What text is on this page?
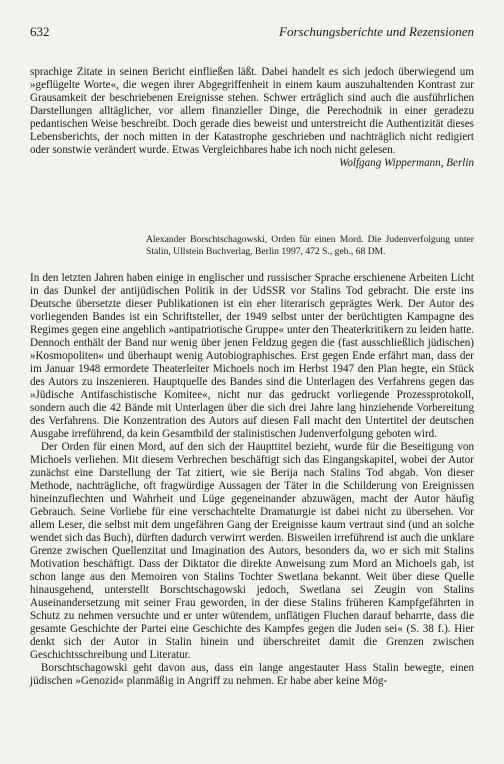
632	Forschungsberichte und Rezensionen

sprachige Zitate in seinen Bericht einfließen läßt. Dabei handelt es sich jedoch überwiegend um »geflügelte Worte«, die wegen ihrer Abgegriffenheit in einem kaum auszuhaltenden Kontrast zur Grausamkeit der beschriebenen Ereignisse stehen. Schwer erträglich sind auch die ausführlichen Darstellungen alltäglicher, vor allem finanzieller Dinge, die Perechodnik in einer geradezu pedantischen Weise beschreibt. Doch gerade dies beweist und unterstreicht die Authentizität dieses Lebensberichts, der noch mitten in der Katastrophe geschrieben und nachträglich nicht redigiert oder sonstwie verändert wurde. Etwas Vergleichbares habe ich noch nicht gelesen.

Wolfgang Wippermann, Berlin

Alexander Borschtschagowski, Orden für einen Mord. Die Judenverfolgung unter Stalin, Ullstein Buchverlag, Berlin 1997, 472 S., geb., 68 DM.

In den letzten Jahren haben einige in englischer und russischer Sprache erschienene Arbeiten Licht in das Dunkel der antijüdischen Politik in der UdSSR vor Stalins Tod gebracht. Die erste ins Deutsche übersetzte dieser Publikationen ist ein eher literarisch geprägtes Werk. Der Autor des vorliegenden Bandes ist ein Schriftsteller, der 1949 selbst unter der berüchtigten Kampagne des Regimes gegen eine angeblich »antipatriotische Gruppe« unter den Theaterkritikern zu leiden hatte. Dennoch enthält der Band nur wenig über jenen Feldzug gegen die (fast ausschließlich jüdischen) »Kosmopoliten« und überhaupt wenig Autobiographisches. Erst gegen Ende erfährt man, dass der im Januar 1948 ermordete Theaterleiter Michoels noch im Herbst 1947 den Plan hegte, ein Stück des Autors zu inszenieren. Hauptquelle des Bandes sind die Unterlagen des Verfahrens gegen das »Jüdische Antifaschistische Komitee«, nicht nur das gedruckt vorliegende Prozessprotokoll, sondern auch die 42 Bände mit Unterlagen über die sich drei Jahre lang hinziehende Vorbereitung des Verfahrens. Die Konzentration des Autors auf diesen Fall macht den Untertitel der deutschen Ausgabe irreführend, da kein Gesamtbild der stalinistischen Judenverfolgung geboten wird.

Der Orden für einen Mord, auf den sich der Haupttitel bezieht, wurde für die Beseitigung von Michoels verliehen. Mit diesem Verbrechen beschäftigt sich das Eingangskapitel, wobei der Autor zunächst eine Darstellung der Tat zitiert, wie sie Berija nach Stalins Tod abgab. Von dieser Methode, nachträgliche, oft fragwürdige Aussagen der Täter in die Schilderung von Ereignissen hineinzuflechten und Wahrheit und Lüge gegeneinander abzuwägen, macht der Autor häufig Gebrauch. Seine Vorliebe für eine verschachtelte Dramaturgie ist dabei nicht zu übersehen. Vor allem Leser, die selbst mit dem ungefähren Gang der Ereignisse kaum vertraut sind (und an solche wendet sich das Buch), dürften dadurch verwirrt werden. Bisweilen irreführend ist auch die unklare Grenze zwischen Quellenzitat und Imagination des Autors, besonders da, wo er sich mit Stalins Motivation beschäftigt. Dass der Diktator die direkte Anweisung zum Mord an Michoels gab, ist schon lange aus den Memoiren von Stalins Tochter Swetlana bekannt. Weit über diese Quelle hinausgehend, unterstellt Borschtschagowski jedoch, Swetlana sei Zeugin von Stalins Auseinandersetzung mit seiner Frau geworden, in der diese Stalins früheren Kampfgefährten in Schutz zu nehmen versuchte und er unter wütendem, unflätigen Fluchen darauf beharrte, dass die gesamte Geschichte der Partei eine Geschichte des Kampfes gegen die Juden sei« (S. 38 f.). Hier denkt sich der Autor in Stalin hinein und überschreitet damit die Grenzen zwischen Geschichtsschreibung und Literatur.

Borschtschagowski geht davon aus, dass ein lange angestauter Hass Stalin bewegte, einen jüdischen »Genozid« planmäßig in Angriff zu nehmen. Er habe aber keine Mög-
